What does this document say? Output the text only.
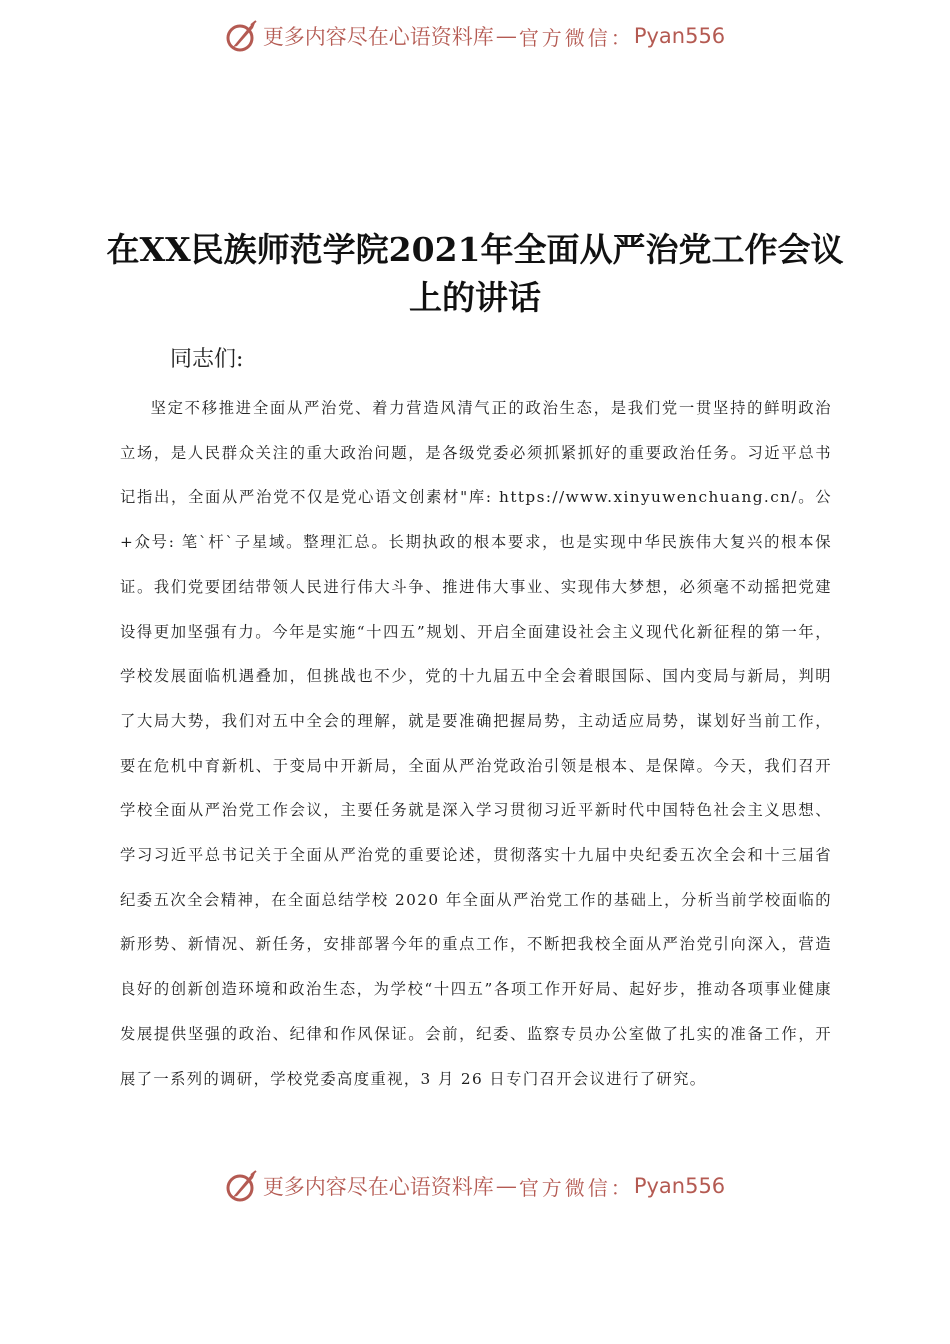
更多内容尽在心语资料库 — 官方微信： Pyan556
在XX民族师范学院2021年全面从严治党工作会议上的讲话
同志们:

坚定不移推进全面从严治党、着力营造风清气正的政治生态，是我们党一贯坚持的鲜明政治立场，是人民群众关注的重大政治问题，是各级党委必须抓紧抓好的重要政治任务。习近平总书记指出，全面从严治党不仅是党心语文创素材"库: https://www.xinyuwenchuang.cn/。公+众号: 笔`杆`子星域。整理汇总。长期执政的根本要求，也是实现中华民族伟大复兴的根本保证。我们党要团结带领人民进行伟大斗争、推进伟大事业、实现伟大梦想，必须毫不动摇把党建设得更加坚强有力。今年是实施“十四五”规划、开启全面建设社会主义现代化新征程的第一年，学校发展面临机遇叠加，但挑战也不少，党的十九届五中全会着眼国际、国内变局与新局，判明了大局大势，我们对五中全会的理解，就是要准确把握局势，主动适应局势，谋划好当前工作，要在危机中育新机、于变局中开新局，全面从严治党政治引领是根本、是保障。今天，我们召开学校全面从严治党工作会议，主要任务就是深入学习贯彻习近平新时代中国特色社会主义思想、学习习近平总书记关于全面从严治党的重要论述，贯彻落实十九届中央纪委五次全会和十三届省纪委五次全会精神，在全面总结学校 2020 年全面从严治党工作的基础上，分析当前学校面临的新形势、新情况、新任务，安排部署今年的重点工作，不断把我校全面从严治党引向深入，营造良好的创新创造环境和政治生态，为学校“十四五”各项工作开好局、起好步，推动各项事业健康发展提供坚强的政治、纪律和作风保证。会前，纪委、监察专员办公室做了扎实的准备工作，开展了一系列的调研，学校党委高度重视，3 月 26 日专门召开会议进行了研究。

更多内容尽在心语资料库 — 官方微信： Pyan556
